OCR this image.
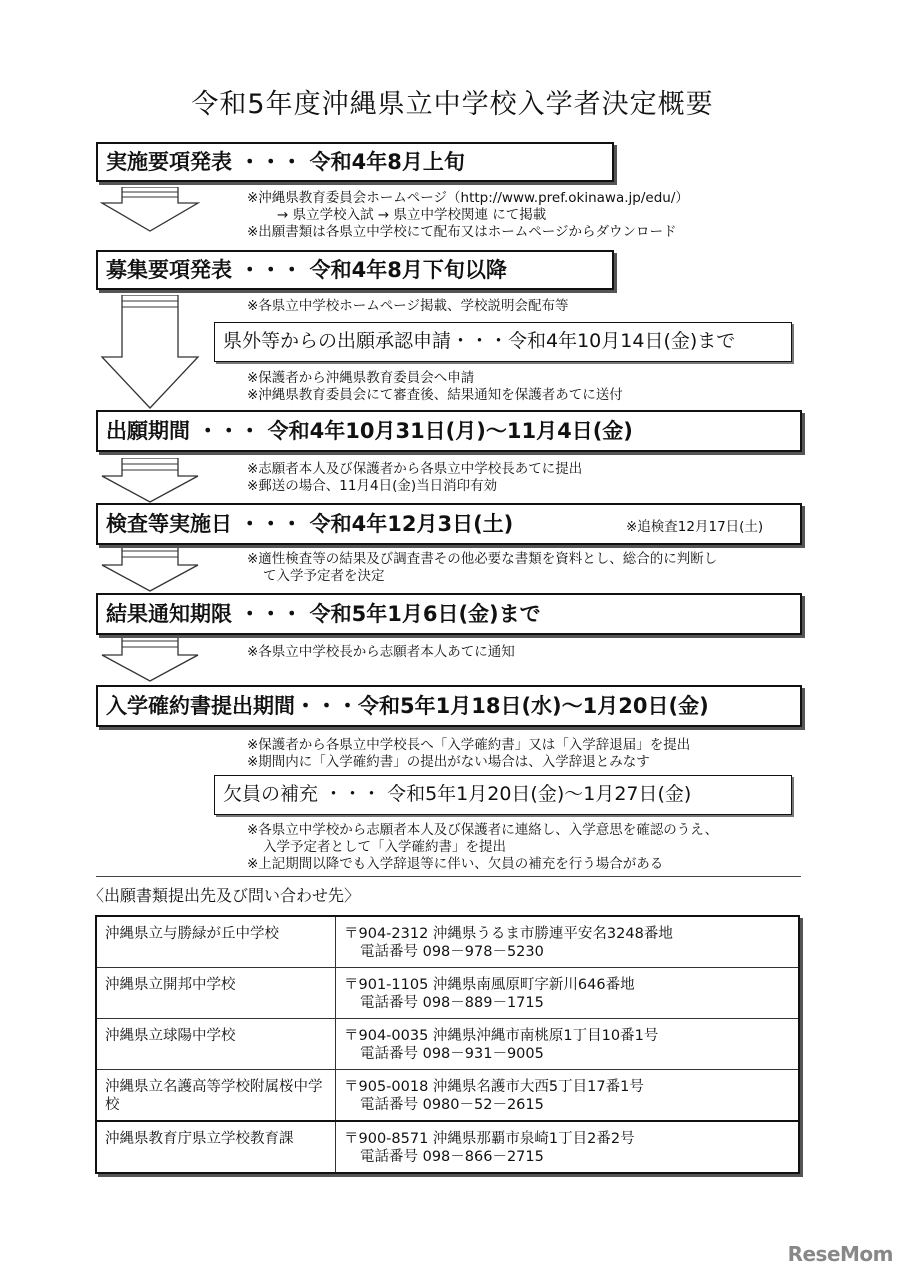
令和5年度沖縄県立中学校入学者決定概要
実施要項発表 ・・・ 令和4年8月上旬
※沖縄県教育委員会ホームページ（http://www.pref.okinawa.jp/edu/）
→ 県立学校入試 → 県立中学校関連 にて掲載
※出願書類は各県立中学校にて配布又はホームページからダウンロード
募集要項発表 ・・・ 令和4年8月下旬以降
※各県立中学校ホームページ掲載、学校説明会配布等
県外等からの出願承認申請・・・令和4年10月14日(金)まで
※保護者から沖縄県教育委員会へ申請
※沖縄県教育委員会にて審査後、結果通知を保護者あてに送付
出願期間 ・・・ 令和4年10月31日(月)～11月4日(金)
※志願者本人及び保護者から各県立中学校長あてに提出
※郵送の場合、11月4日(金)当日消印有効
検査等実施日 ・・・ 令和4年12月3日(土)	※追検査12月17日(土)
※適性検査等の結果及び調査書その他必要な書類を資料とし、総合的に判断し
て入学予定者を決定
結果通知期限 ・・・ 令和5年1月6日(金)まで
※各県立中学校長から志願者本人あてに通知
入学確約書提出期間・・・令和5年1月18日(水)～1月20日(金)
※保護者から各県立中学校長へ「入学確約書」又は「入学辞退届」を提出
※期間内に「入学確約書」の提出がない場合は、入学辞退とみなす
欠員の補充 ・・・ 令和5年1月20日(金)～1月27日(金)
※各県立中学校から志願者本人及び保護者に連絡し、入学意思を確認のうえ、
入学予定者として「入学確約書」を提出
※上記期間以降でも入学辞退等に伴い、欠員の補充を行う場合がある
〈出願書類提出先及び問い合わせ先〉
沖縄県立与勝緑が丘中学校	〒904-2312 沖縄県うるま市勝連平安名3248番地
電話番号 098－978－5230

沖縄県立開邦中学校	〒901-1105 沖縄県南風原町字新川646番地
電話番号 098－889－1715

沖縄県立球陽中学校	〒904-0035 沖縄県沖縄市南桃原1丁目10番1号
電話番号 098－931－9005

沖縄県立名護高等学校附属桜中学校	〒905-0018 沖縄県名護市大西5丁目17番1号
電話番号 0980－52－2615

沖縄県教育庁県立学校教育課	〒900-8571 沖縄県那覇市泉崎1丁目2番2号
電話番号 098－866－2715
ReseMom
